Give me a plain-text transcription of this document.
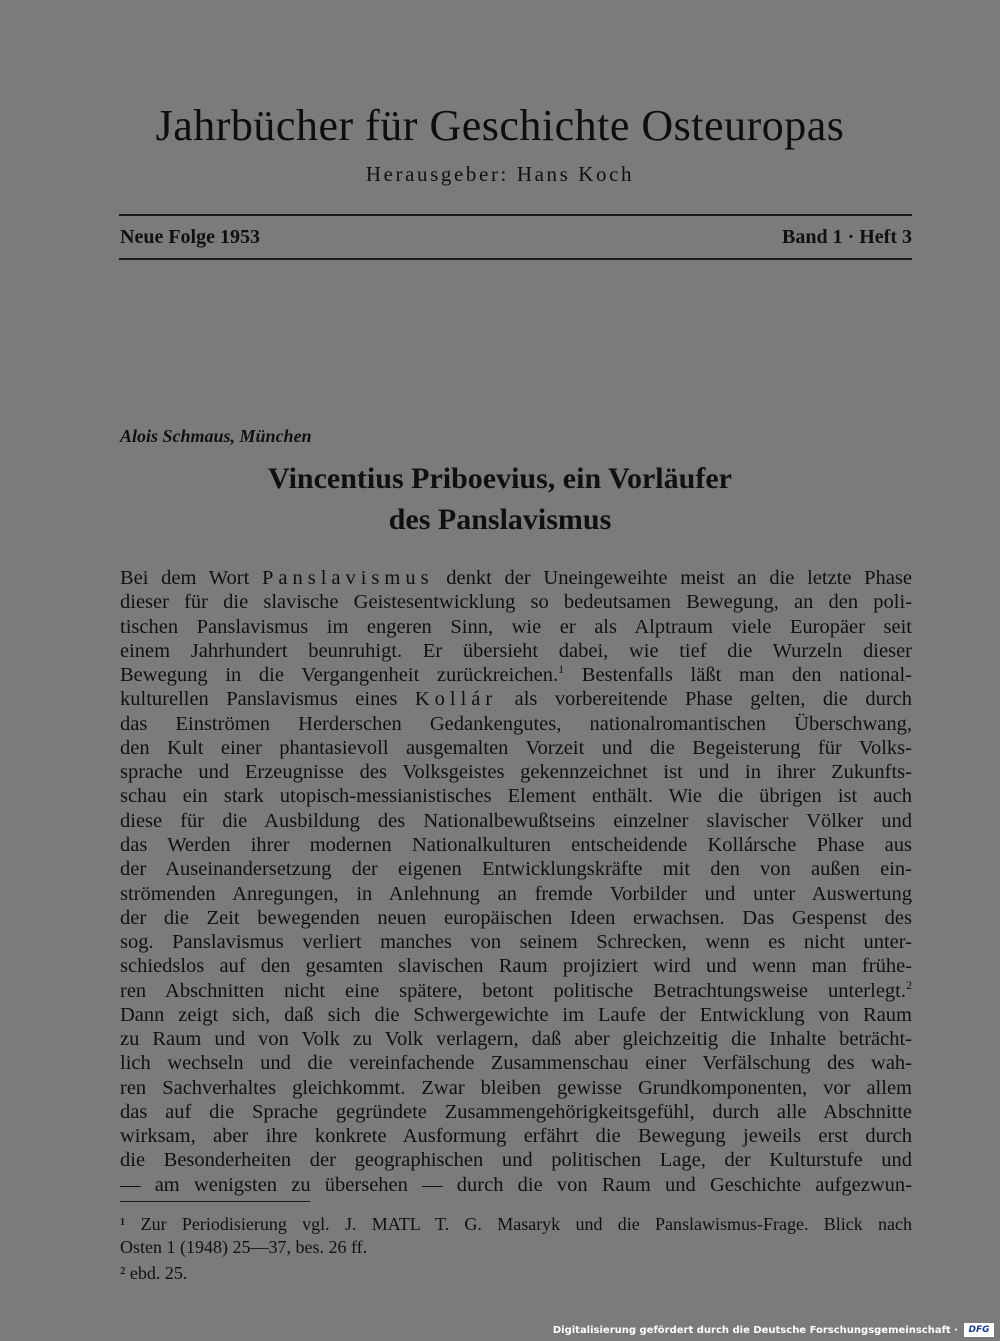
Jahrbücher für Geschichte Osteuropas
Herausgeber: Hans Koch
Neue Folge 1953	Band 1 · Heft 3
Alois Schmaus, München
Vincentius Priboevius, ein Vorläufer
des Panslavismus
Bei dem Wort Panslavismus denkt der Uneingeweihte meist an die letzte Phase
dieser für die slavische Geistesentwicklung so bedeutsamen Bewegung, an den poli-
tischen Panslavismus im engeren Sinn, wie er als Alptraum viele Europäer seit
einem Jahrhundert beunruhigt. Er übersieht dabei, wie tief die Wurzeln dieser
Bewegung in die Vergangenheit zurückreichen.$^1$ Bestenfalls läßt man den national-
kulturellen Panslavismus eines Kollár als vorbereitende Phase gelten, die durch
das Einströmen Herderschen Gedankengutes, nationalromantischen Überschwang,
den Kult einer phantasievoll ausgemalten Vorzeit und die Begeisterung für Volks-
sprache und Erzeugnisse des Volksgeistes gekennzeichnet ist und in ihrer Zukunfts-
schau ein stark utopisch-messianistisches Element enthält. Wie die übrigen ist auch
diese für die Ausbildung des Nationalbewußtseins einzelner slavischer Völker und
das Werden ihrer modernen Nationalkulturen entscheidende Kollársche Phase aus
der Auseinandersetzung der eigenen Entwicklungskräfte mit den von außen ein-
strömenden Anregungen, in Anlehnung an fremde Vorbilder und unter Auswertung
der die Zeit bewegenden neuen europäischen Ideen erwachsen. Das Gespenst des
sog. Panslavismus verliert manches von seinem Schrecken, wenn es nicht unter-
schiedslos auf den gesamten slavischen Raum projiziert wird und wenn man frühe-
ren Abschnitten nicht eine spätere, betont politische Betrachtungsweise unterlegt.$^2$
Dann zeigt sich, daß sich die Schwergewichte im Laufe der Entwicklung von Raum
zu Raum und von Volk zu Volk verlagern, daß aber gleichzeitig die Inhalte beträcht-
lich wechseln und die vereinfachende Zusammenschau einer Verfälschung des wah-
ren Sachverhaltes gleichkommt. Zwar bleiben gewisse Grundkomponenten, vor allem
das auf die Sprache gegründete Zusammengehörigkeitsgefühl, durch alle Abschnitte
wirksam, aber ihre konkrete Ausformung erfährt die Bewegung jeweils erst durch
die Besonderheiten der geographischen und politischen Lage, der Kulturstufe und
— am wenigsten zu übersehen — durch die von Raum und Geschichte aufgezwun-
¹ Zur Periodisierung vgl. J. MATL T. G. Masaryk und die Panslawismus-Frage. Blick nach
Osten 1 (1948) 25—37, bes. 26 ff.
² ebd. 25.
Digitalisierung gefördert durch die Deutsche Forschungsgemeinschaft ·	DFG
